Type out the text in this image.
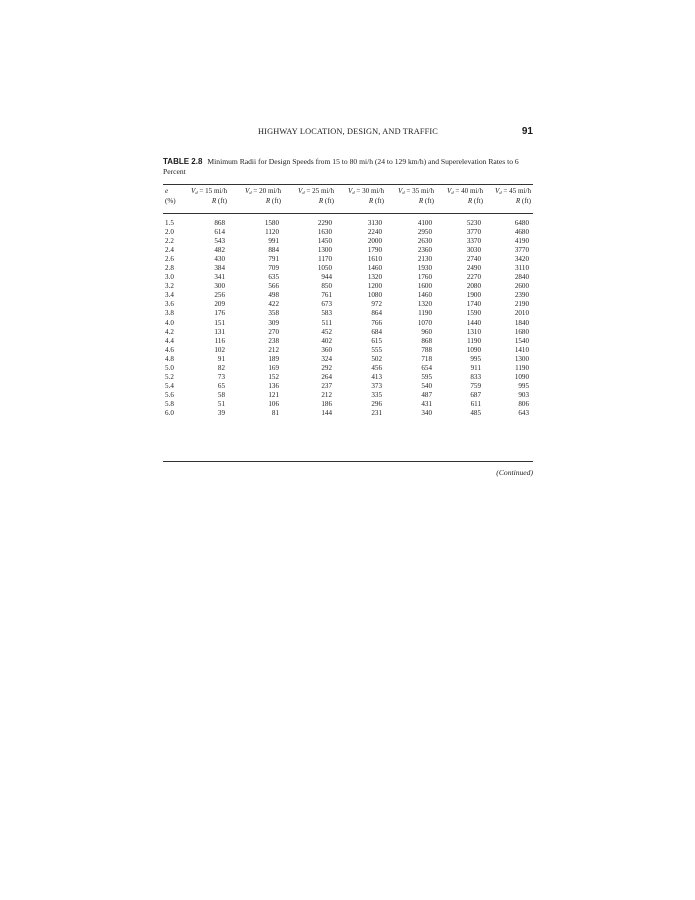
HIGHWAY LOCATION, DESIGN, AND TRAFFIC	91
TABLE 2.8 Minimum Radii for Design Speeds from 15 to 80 mi/h (24 to 129 km/h) and Superelevation Rates to 6 Percent
e	$V_d = 15$ mi/h	$V_d = 20$ mi/h	$V_d = 25$ mi/h	$V_d = 30$ mi/h	$V_d = 35$ mi/h	$V_d = 40$ mi/h	$V_d = 45$ mi/h
(%)	R (ft)	R (ft)	R (ft)	R (ft)	R (ft)	R (ft)	R (ft)
1.5	868	1580	2290	3130	4100	5230	6480
2.0	614	1120	1630	2240	2950	3770	4680
2.2	543	991	1450	2000	2630	3370	4190
2.4	482	884	1300	1790	2360	3030	3770
2.6	430	791	1170	1610	2130	2740	3420
2.8	384	709	1050	1460	1930	2490	3110
3.0	341	635	944	1320	1760	2270	2840
3.2	300	566	850	1200	1600	2080	2600
3.4	256	498	761	1080	1460	1900	2390
3.6	209	422	673	972	1320	1740	2190
3.8	176	358	583	864	1190	1590	2010
4.0	151	309	511	766	1070	1440	1840
4.2	131	270	452	684	960	1310	1680
4.4	116	238	402	615	868	1190	1540
4.6	102	212	360	555	788	1090	1410
4.8	91	189	324	502	718	995	1300
5.0	82	169	292	456	654	911	1190
5.2	73	152	264	413	595	833	1090
5.4	65	136	237	373	540	759	995
5.6	58	121	212	335	487	687	903
5.8	51	106	186	296	431	611	806
6.0	39	81	144	231	340	485	643
(Continued)
